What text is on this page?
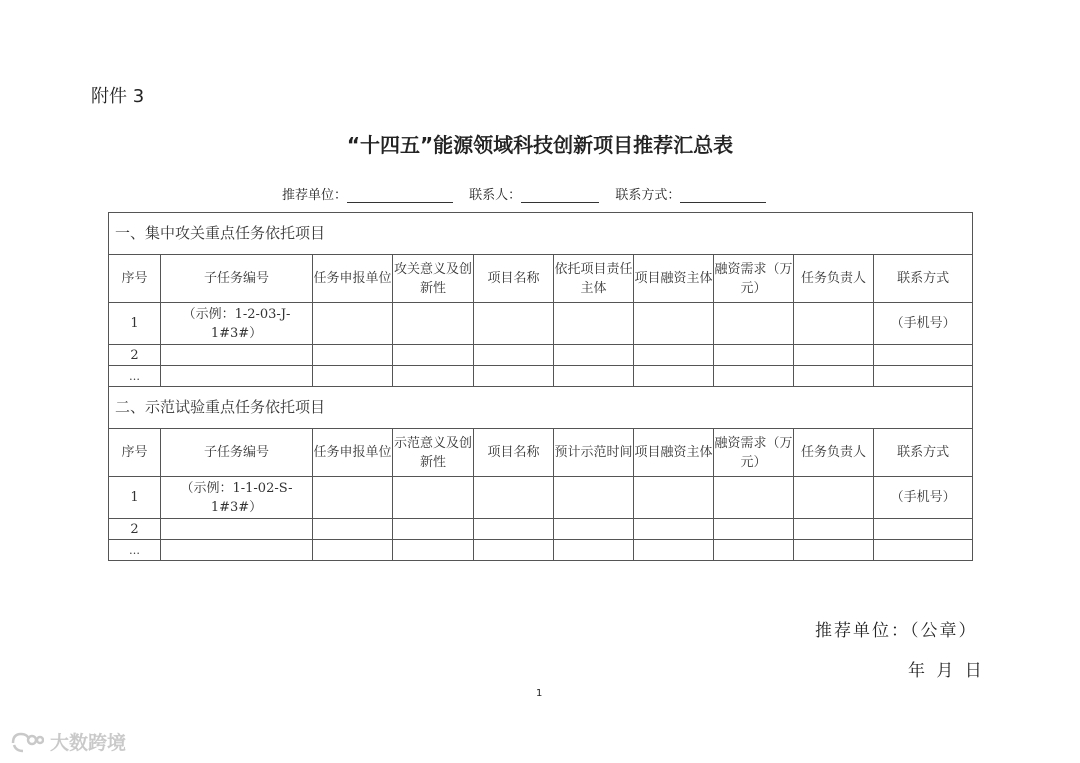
附件 3
“十四五”能源领域科技创新项目推荐汇总表
推荐单位：	联系人：	联系方式：
一、集中攻关重点任务依托项目									
序号	子任务编号	任务申报单位	攻关意义及创新性	项目名称	依托项目责任主体	项目融资主体	融资需求（万元）	任务负责人	联系方式
1	（示例：1-2-03-J-1#3#）								（手机号）
2									
…									
二、示范试验重点任务依托项目									
序号	子任务编号	任务申报单位	示范意义及创新性	项目名称	预计示范时间	项目融资主体	融资需求（万元）	任务负责人	联系方式
1	（示例：1-1-02-S-1#3#）								（手机号）
2									
…									
推荐单位：（公章）
年 月 日
1
大数跨境
